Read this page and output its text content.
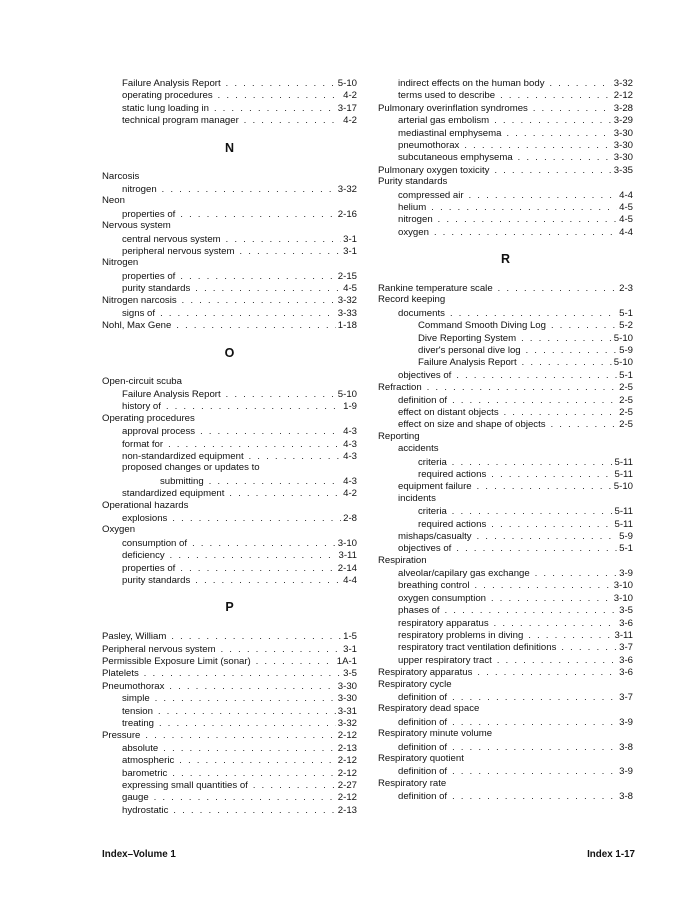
Failure Analysis Report . . .	5-10
operating procedures . . .	4-2
static lung loading in . . .	3-17
technical program manager . . .	4-2
N
Narcosis
nitrogen . . .	3-32
Neon
properties of . . .	2-16
Nervous system
central nervous system . . .	3-1
peripheral nervous system . . .	3-1
Nitrogen
properties of . . .	2-15
purity standards . . .	4-5
Nitrogen narcosis . . .	3-32
signs of . . .	3-33
Nohl, Max Gene . . .	1-18
O
Open-circuit scuba
Failure Analysis Report . . .	5-10
history of . . .	1-9
Operating procedures
approval process . . .	4-3
format for . . .	4-3
non-standardized equipment . . .	4-3
proposed changes or updates to
submitting . . .	4-3
standardized equipment . . .	4-2
Operational hazards
explosions . . .	2-8
Oxygen
consumption of . . .	3-10
deficiency . . .	3-11
properties of . . .	2-14
purity standards . . .	4-4
P
Pasley, William . . .	1-5
Peripheral nervous system . . .	3-1
Permissible Exposure Limit (sonar) . . .	1A-1
Platelets . . .	3-5
Pneumothorax . . .	3-30
simple . . .	3-30
tension . . .	3-31
treating . . .	3-32
Pressure . . .	2-12
absolute . . .	2-13
atmospheric . . .	2-12
barometric . . .	2-12
expressing small quantities of . . .	2-27
gauge . . .	2-12
hydrostatic . . .	2-13
indirect effects on the human body . . .	3-32
terms used to describe . . .	2-12
Pulmonary overinflation syndromes . . .	3-28
arterial gas embolism . . .	3-29
mediastinal emphysema . . .	3-30
pneumothorax . . .	3-30
subcutaneous emphysema . . .	3-30
Pulmonary oxygen toxicity . . .	3-35
Purity standards
compressed air . . .	4-4
helium . . .	4-5
nitrogen . . .	4-5
oxygen . . .	4-4
R
Rankine temperature scale . . .	2-3
Record keeping
documents . . .	5-1
Command Smooth Diving Log . . .	5-2
Dive Reporting System . . .	5-10
diver's personal dive log . . .	5-9
Failure Analysis Report . . .	5-10
objectives of . . .	5-1
Refraction . . .	2-5
definition of . . .	2-5
effect on distant objects . . .	2-5
effect on size and shape of objects . . .	2-5
Reporting
accidents
criteria . . .	5-11
required actions . . .	5-11
equipment failure . . .	5-10
incidents
criteria . . .	5-11
required actions . . .	5-11
mishaps/casualty . . .	5-9
objectives of . . .	5-1
Respiration
alveolar/capilary gas exchange . . .	3-9
breathing control . . .	3-10
oxygen consumption . . .	3-10
phases of . . .	3-5
respiratory apparatus . . .	3-6
respiratory problems in diving . . .	3-11
respiratory tract ventilation definitions . . .	3-7
upper respiratory tract . . .	3-6
Respiratory apparatus . . .	3-6
Respiratory cycle
definition of . . .	3-7
Respiratory dead space
definition of . . .	3-9
Respiratory minute volume
definition of . . .	3-8
Respiratory quotient
definition of . . .	3-9
Respiratory rate
definition of . . .	3-8
Index–Volume 1	Index 1-17
